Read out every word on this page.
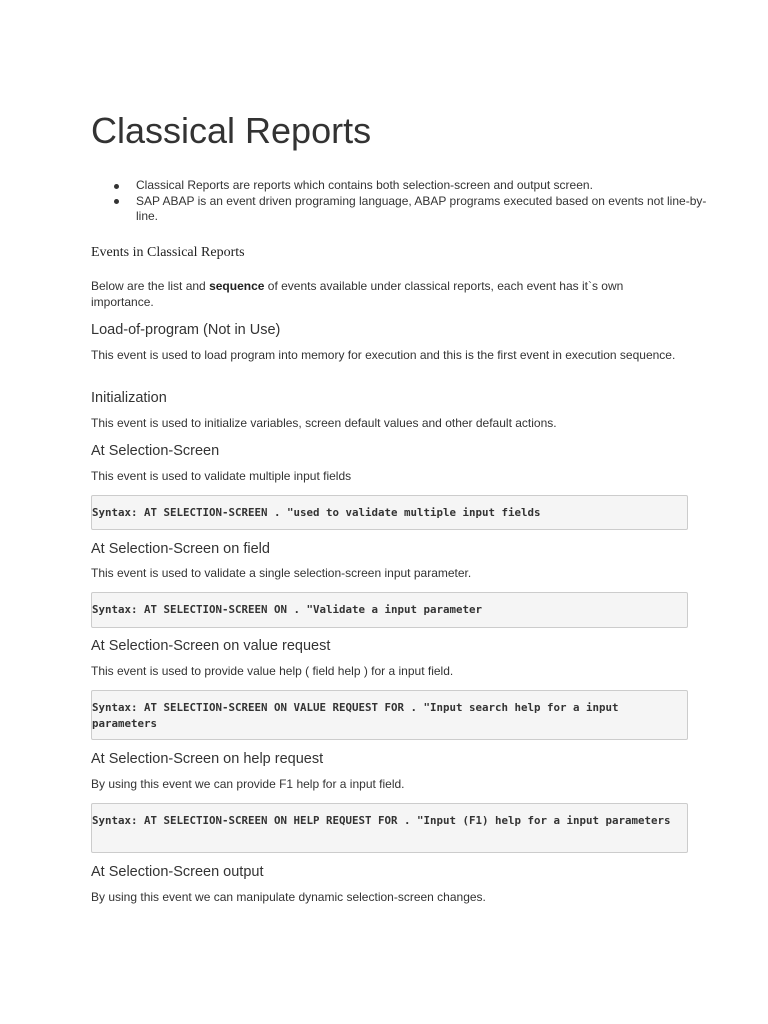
Classical Reports
Classical Reports are reports which contains both selection-screen and output screen.
SAP ABAP is an event driven programing language, ABAP programs executed based on events not line-by-line.
Events in Classical Reports

Below are the list and sequence of events available under classical reports, each event has it`s own importance.

Load-of-program (Not in Use)

This event is used to load program into memory for execution and this is the first event in execution sequence.

Initialization

This event is used to initialize variables, screen default values and other default actions.

At Selection-Screen

This event is used to validate multiple input fields

Syntax: AT SELECTION-SCREEN . "used to validate multiple input fields
At Selection-Screen on field

This event is used to validate a single selection-screen input parameter.

Syntax: AT SELECTION-SCREEN ON . "Validate a input parameter
At Selection-Screen on value request

This event is used to provide value help ( field help ) for a input field.

Syntax: AT SELECTION-SCREEN ON VALUE REQUEST FOR . "Input search help for a input parameters
At Selection-Screen on help request

By using this event we can provide F1 help for a input field.

Syntax: AT SELECTION-SCREEN ON HELP REQUEST FOR . "Input (F1) help for a input parameters
At Selection-Screen output

By using this event we can manipulate dynamic selection-screen changes.
